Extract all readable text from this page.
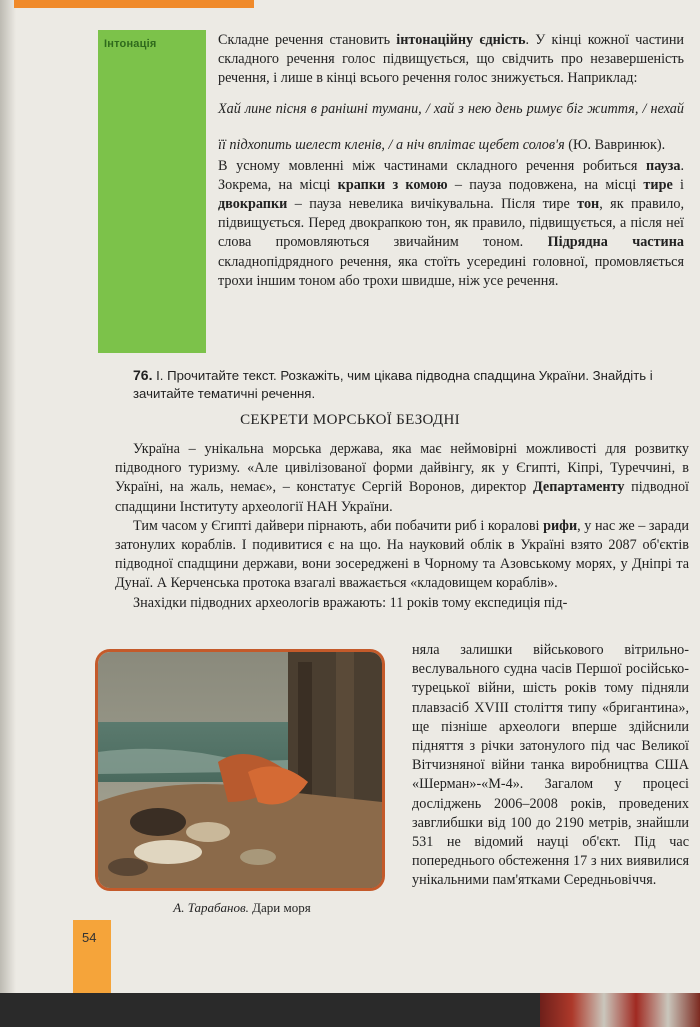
Інтонація	Складне речення становить інтонаційну єдність. У кінці кожної частини складного речення голос підвищується, що свідчить про незавершеність речення, і лише в кінці всього речення голос знижується. Наприклад:

Хай лине пісня в ранішні тумани, / хай з нею день римує біг життя, / нехай її підхопить шелест кленів, / а ніч вплітає щебет солов'я (Ю. Вавринюк).

В усному мовленні між частинами складного речення робиться пауза. Зокрема, на місці крапки з комою – пауза подовжена, на місці тире і двокрапки – пауза невелика вичікувальна. Після тире тон, як правило, підвищується. Перед двокрапкою тон, як правило, підвищується, а після неї слова промовляються звичайним тоном. Підрядна частина складнопідрядного речення, яка стоїть усередині головної, промовляється трохи іншим тоном або трохи швидше, ніж усе речення.

76. І. Прочитайте текст. Розкажіть, чим цікава підводна спадщина України. Знайдіть і зачитайте тематичні речення.
СЕКРЕТИ МОРСЬКОЇ БЕЗОДНІ

Україна – унікальна морська держава, яка має неймовірні можливості для розвитку підводного туризму. «Але цивілізованої форми дайвінгу, як у Єгипті, Кіпрі, Туреччині, в Україні, на жаль, немає», – констатує Сергій Воронов, директор Департаменту підводної спадщини Інституту археології НАН України.

Тим часом у Єгипті дайвери пірнають, аби побачити риб і коралові рифи, у нас же – заради затонулих кораблів. І подивитися є на що. На науковий облік в Україні взято 2087 об'єктів підводної спадщини держави, вони зосереджені в Чорному та Азовському морях, у Дніпрі та Дунаї. А Керченська протока взагалі вважається «кладовищем кораблів».

Знахідки підводних археологів вражають: 11 років тому експедиція під-

няла залишки військового вітрильно-веслувального судна часів Першої російсько-турецької війни, шість років тому підняли плавзасіб XVIII століття типу «бригантина», ще пізніше археологи вперше здійснили підняття з річки затонулого під час Великої Вітчизняної війни танка виробництва США «Шерман»-«М-4». Загалом у процесі досліджень 2006–2008 років, проведених завглибшки від 100 до 2190 метрів, знайшли 531 не відомий науці об'єкт. Під час попереднього обстеження 17 з них виявилися унікальними пам'ятками Середньовіччя.

А. Тарабанов. Дари моря
54
